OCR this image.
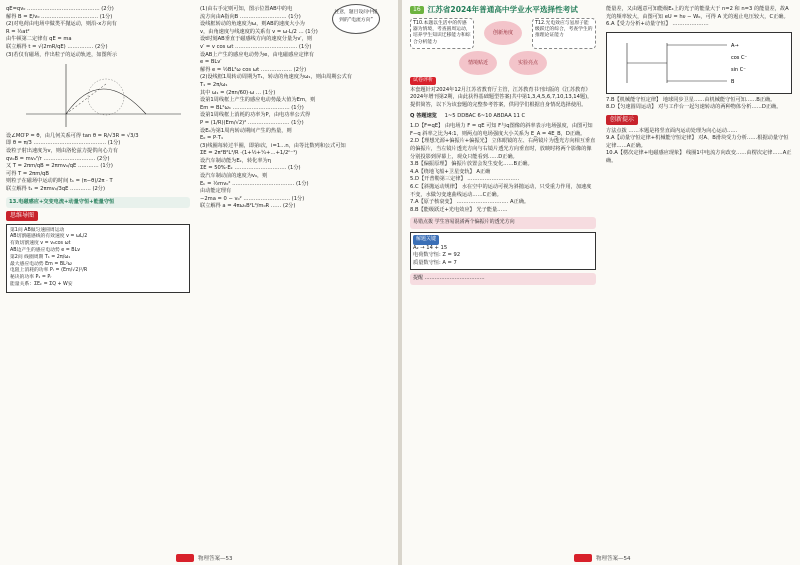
qE=qv₀ …………………………………… (2分)
解得 B = E/v₀ …………………………… (1分)
(2)对电荷由电场中做类平抛运动，则沿-x方向有
R = ½at²
由牛顿第二定律有 qE = ma
联立解得 t = √(2mR/qE) …………… (2分)
(3)若仅有磁场，作出粒子的运动轨迹，如图所示
设∠MO′P = θ，由几何关系可得 tan θ = R/√3R = √3/3
即 θ = π/3 …………………………………… (1分)
设粒子射出速度为v，则由洛伦兹力提供向心力有
qv₀B = mv₀²/r ………………………… (2分)
又 T = 2πm/qB = 2πmv₀/qE ………… (1分)
可得 T = 2πm/qB
则粒子在磁场中运动的时间 t₁ = (π−θ)/2π · T
联立解得 t₁ = 2πmv₀/3qE ………… (2分)
13.电磁感应+交变电流+动量守恒+能量守恒
思维导图
第1问 AB做匀速圆周运动
AB切割磁感线的有效速度 v = ωL/2
有效切割速度 v = v₀cos ωt
AB边产生的感应电动势 e = BLv
第2问 线圈周期 T₁ = 2π/ω₁
最大感应电动势 Em = BL²ω
电阻上消耗的功率 Pᵣ = (Em/√2)²/R
秘诀的功率 P₁ = Pᵣ
能量关系：ΣEₖ = ΣQ + W安
(1)由右手定则可知，图示位置AB中的电
流方向由A指向B ……………………… (1分)
设线框转动的角速度为ω，则AB的速度大小为
v，由角速度与线速度的关系有 v = ω·L/2 … (1分)
设t时刻AB垂直于磁感线方向的速度分量为v′，则
v′ = v cos ωt ……………………………… (1分)
设AB上产生的感应电动势为e，由电磁感应定律有
e = BLv′
解得 e = ½BL²ω cos ωt ……………… (2分)
(2)设线框1周转动周期为T₁，转动的角速度为ω₁，则由周期公式有
T₁ = 2π/ω₁
其中 ω₁ = (2πn/60)·ω … (1分)
设第1周线框上产生的感应电动势最大值为Em，则
Em = BL²ω₁ …………………………… (1分)
设第1周线框上消耗的功率为P，由电功率公式得
P = (1/R)(Em/√2)² …………………… (1分)
设E₀为第1周内转动期间产生的热量，则
E₀ = P·T₁
(3)线圈每转过半圈，即第i次，i=1…n，由等比数列和公式可知
ΣE = 2π²B²L⁴/R ·(1+½+¼+…+1/2ⁿ⁻¹)
设汽车制动能为Eₖ，转化率为η
ΣE = 50%·Eₖ ………………………… (1分)
设汽车制动前的速度为v₀，则
Eₖ = ½mv₀² ……………………………… (1分)
由动能定理有
−2ma = 0 − v₀² ……………………… (1分)
联立解得 a = 4πω₁B²L⁴/m₀R …… (2分)
注意，题目设问中提到的“电流方向”
物理答案—53
16 江苏省2024年普通高中学业水平选择性考试
T10.本题以生活中的传感器为情境，考查圆周运动，培养学生知识迁移能力和综合分析能力
创新角度
T12.光电效应与氢原子能级跃迁的综合，考查学生的推理论证能力
情境贴近	实验亮点
试卷评析
本套题针对2024年12月江苏省教育厅主管，江苏教育书刊出版的《江苏教育》2024年增刊第2期，由此获得基础题型答案(共中第1,3,4,5,6,7,10,13,14题)，提供简答，以下为该套题的完整参考答案，供同学们根据自身情况选择使用。
Q 答题速览 1~5 DDBAC 6~10 ABDAA 11 C
1.D【F=qE】 由电场力 F = qE 可知 F与q图像的斜率表示电场强度，由图可知 F−q 斜率之比为4:1，则两点的电场强度大小关系为 E_A = 4E_B，D正确。
2.D【理想光源+偏振片+偏振光】 立体眼镜的左、右两镜片为透光方向相互垂直的偏振片，当左镜片透光方向与右镜片透光方向垂直时，放映时将两个影像的像分别投影到屏幕上，观众只能看到……D正确。
3.B【偏振原理】 偏振片放置会发生变化……B正确。
4.A【绕地飞船+卫星变轨】 A正确
5.D【开普勒第三定律】 …………………………
6.C【斜抛运动规律】 水在空中的运动可视为斜抛运动，只受重力作用，加速度不变，水做匀变速曲线运动……C正确。
7.A【原子核衰变】 ………………………… A正确。
8.B【能级跃迁+光电效应】 光子能量……
易错点拨 学生容易混淆两个偏振片的透光方向
解题关键
A₂ → 14 + 15
电荷数守恒: Z = 92
质量数守恒: A = 7
提醒 ………………………………
能量差，又由题意可知能级E₄上的光子的能量大于 n=2 和 n=3 的能量差，故A光的频率较大，由图可知 eU = hν − W₀，可得 A 光的遏止电压较大，C正确。
6.A【受力分析+动量守恒】 …………………
A→
cos C⁻
sin C⁻
B
7.B【机械能守恒定律】 地球同步卫星……由机械能守恒可知……B正确。
8.D【匀速圆周运动】 对与工作台一起匀速转动的两种物体分析……D正确。
创新提示
方法点拨 ……本题是将竖直面内运动处理为向心运动……
9.A【动量守恒定律+机械能守恒定律】 对A、B滑块受力分析……根据动量守恒定律……A正确。
10.A【楞次定律+电磁感应现象】 线圈1中电流方向改变……由楞次定律……A正确。
物理答案—54
